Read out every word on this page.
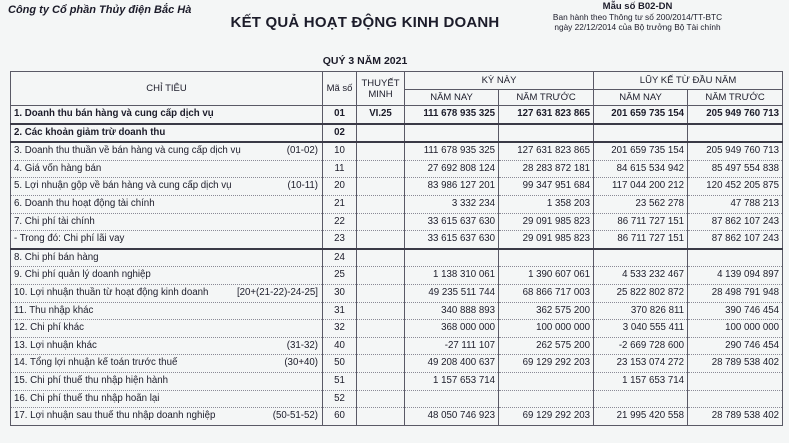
Công ty Cổ phần Thủy điện Bắc Hà
KẾT QUẢ HOẠT ĐỘNG KINH DOANH
Mẫu số B02-DN
Ban hành theo Thông tư số 200/2014/TT-BTC
ngày 22/12/2014 của Bộ trưởng Bộ Tài chính
QUÝ 3 NĂM 2021
CHỈ TIÊU	Mã số	THUYẾT MINH	KỲ NÀY		LŨY KẾ TỪ ĐẦU NĂM	
			NĂM NAY	NĂM TRƯỚC	NĂM NAY	NĂM TRƯỚC

1. Doanh thu bán hàng và cung cấp dịch vụ	01	VI.25	111 678 935 325	127 631 823 865	201 659 735 154	205 949 760 713

2. Các khoản giảm trừ doanh thu	02					

3. Doanh thu thuần về bán hàng và cung cấp dịch vụ (01-02)	10		111 678 935 325	127 631 823 865	201 659 735 154	205 949 760 713

4. Giá vốn hàng bán	11		27 692 808 124	28 283 872 181	84 615 534 942	85 497 554 838

5. Lợi nhuận gộp về bán hàng và cung cấp dịch vụ (10-11)	20		83 986 127 201	99 347 951 684	117 044 200 212	120 452 205 875

6. Doanh thu hoạt động tài chính	21		3 332 234	1 358 203	23 562 278	47 788 213

7. Chi phí tài chính	22		33 615 637 630	29 091 985 823	86 711 727 151	87 862 107 243

- Trong đó: Chi phí lãi vay	23		33 615 637 630	29 091 985 823	86 711 727 151	87 862 107 243

8. Chi phí bán hàng	24					

9. Chi phí quản lý doanh nghiệp	25		1 138 310 061	1 390 607 061	4 533 232 467	4 139 094 897

10. Lợi nhuận thuần từ hoạt động kinh doanh [20+(21-22)-24-25]	30		49 235 511 744	68 866 717 003	25 822 802 872	28 498 791 948

11. Thu nhập khác	31		340 888 893	362 575 200	370 826 811	390 746 454

12. Chi phí khác	32		368 000 000	100 000 000	3 040 555 411	100 000 000

13. Lợi nhuận khác (31-32)	40		-27 111 107	262 575 200	-2 669 728 600	290 746 454

14. Tổng lợi nhuận kế toán trước thuế (30+40)	50		49 208 400 637	69 129 292 203	23 153 074 272	28 789 538 402

15. Chi phí thuế thu nhập hiện hành	51		1 157 653 714		1 157 653 714	

16. Chi phí thuế thu nhập hoãn lại	52					

17. Lợi nhuận sau thuế thu nhập doanh nghiệp (50-51-52)	60		48 050 746 923	69 129 292 203	21 995 420 558	28 789 538 402
